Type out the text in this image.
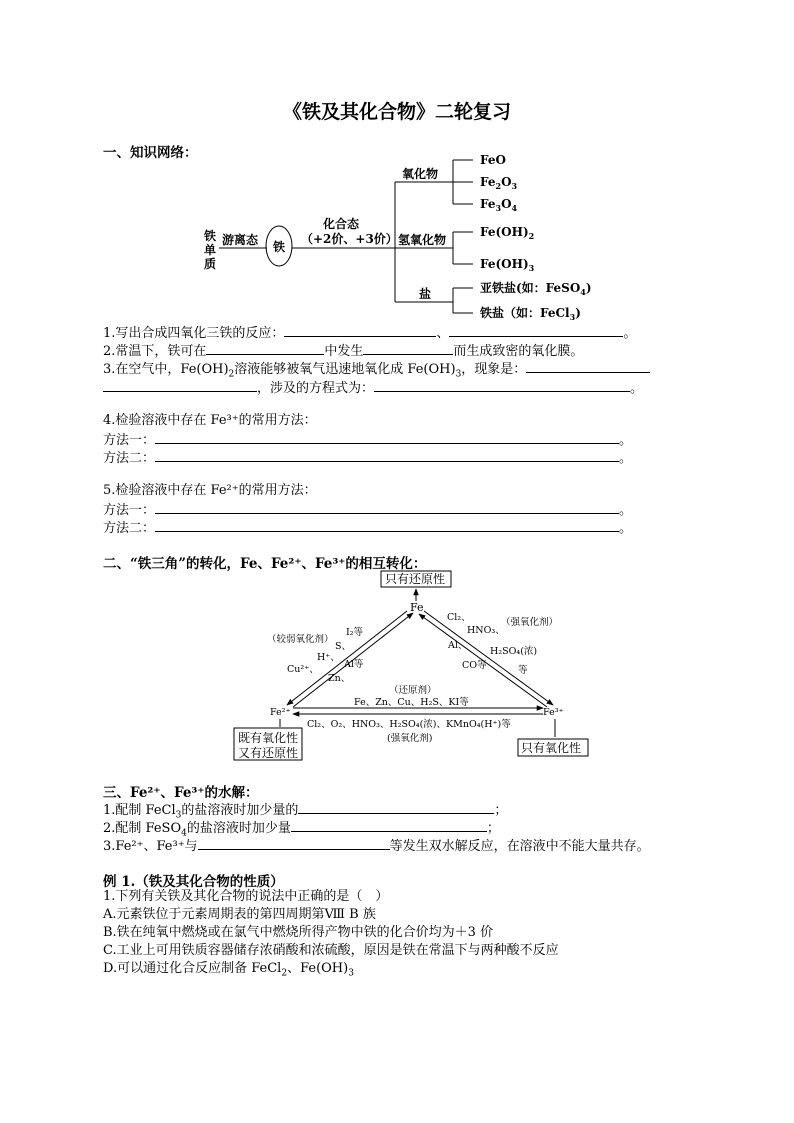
《铁及其化合物》二轮复习
一、知识网络：
铁
单
质
游离态 铁
化合态
（+2价、+3价）
氧化物
氢氧化物
盐
FeO
$Fe_2O_3$
$Fe_3O_4$
$Fe(OH)_2$
$Fe(OH)_3$
亚铁盐(如：FeSO$_4$)
铁盐（如：FeCl$_3$)
1.写出合成四氧化三铁的反应：	、	。
2.常温下，铁可在	中发生	而生成致密的氧化膜。
3.在空气中，$Fe(OH)_2$溶液能够被氧气迅速地氧化成 $Fe(OH)_3$，现象是：
，涉及的方程式为：	。
4.检验溶液中存在 Fe³⁺的常用方法：
方法一：	。
方法二：	。
5.检验溶液中存在 Fe²⁺的常用方法：
方法一：	。
方法二：	。
二、“铁三角”的转化，Fe、Fe²⁺、Fe³⁺的相互转化：
只有还原性
Fe
只有氧化性
既有氧化性
又有还原性
Fe²⁺	Fe³⁺
（较弱氧化剂）
I₂等
S、
H⁺、
Cu²⁺、	Al等
Zn、
Cl₂、
HNO₃、
（强氧化剂）
Al、
H₂SO₄(浓)
CO等	等
（还原剂）
Fe、Zn、Cu、H₂S、KI等
Cl₂、O₂、HNO₃、H₂SO₄(浓)、KMnO₄(H⁺)等
(强氧化剂)
三、Fe²⁺、Fe³⁺的水解：
1.配制 FeCl$_3$的盐溶液时加少量的	；
2.配制 FeSO$_4$的盐溶液时加少量	；
3.Fe²⁺、Fe³⁺与	等发生双水解反应，在溶液中不能大量共存。
例 1.（铁及其化合物的性质）
1.下列有关铁及其化合物的说法中正确的是（　）
A.元素铁位于元素周期表的第四周期第Ⅷ B 族
B.铁在纯氧中燃烧或在氯气中燃烧所得产物中铁的化合价均为＋3 价
C.工业上可用铁质容器储存浓硝酸和浓硫酸，原因是铁在常温下与两种酸不反应
D.可以通过化合反应制备 FeCl$_2$、$Fe(OH)_3$
